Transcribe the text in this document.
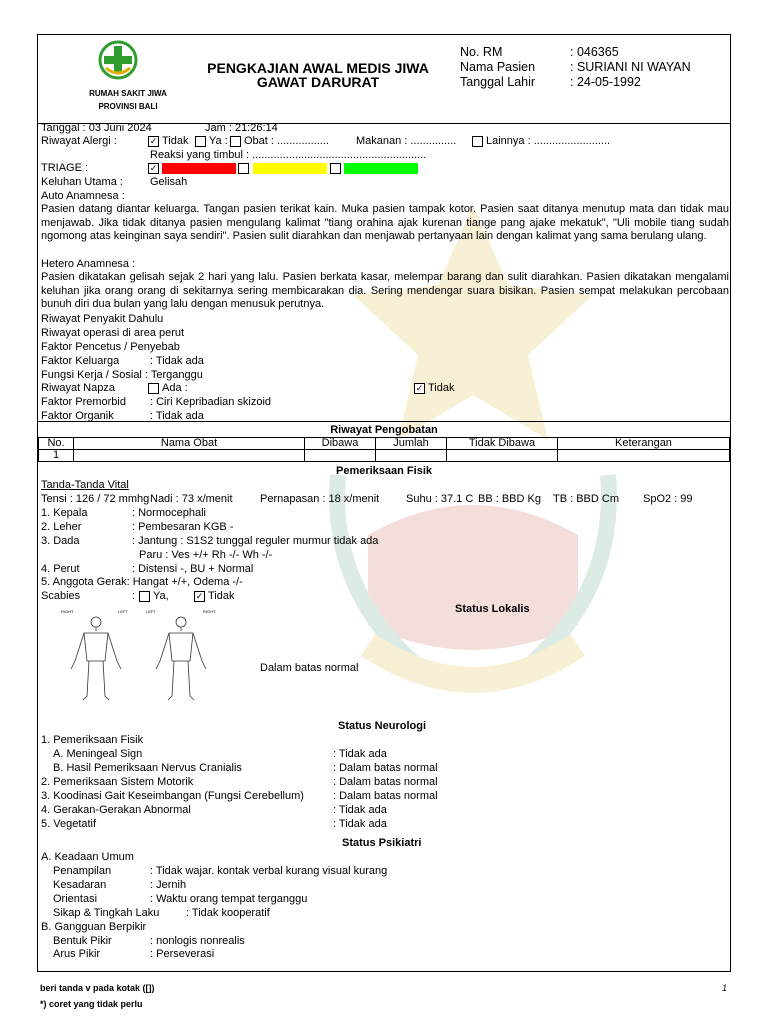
RUMAH SAKIT JIWA
PROVINSI BALI
PENGKAJIAN AWAL MEDIS JIWA
GAWAT DARURAT
No. RM	: 046365
Nama Pasien	: SURIANI NI WAYAN
Tanggal Lahir	: 24-05-1992
Tanggal : 03 Juni 2024	Jam : 21:26:14
Riwayat Alergi :	✓ Tidak Ya : Obat : ................. Makanan : ...............	Lainnya : .........................
Reaksi yang timbul : .........................................................
TRIAGE :	✓
Keluhan Utama : Gelisah
Auto Anamnesa :
Pasien datang diantar keluarga. Tangan pasien terikat kain. Muka pasien tampak kotor. Pasien saat ditanya menutup mata dan tidak mau menjawab. Jika tidak ditanya pasien mengulang kalimat "tiang orahina ajak kurenan tiange pang ajake mekatuk", "Uli mobile tiang sudah ngomong atas keinginan saya sendiri". Pasien sulit diarahkan dan menjawab pertanyaan lain dengan kalimat yang sama berulang ulang.
Hetero Anamnesa :
Pasien dikatakan gelisah sejak 2 hari yang lalu. Pasien berkata kasar, melempar barang dan sulit diarahkan. Pasien dikatakan mengalami keluhan jika orang orang di sekitarnya sering membicarakan dia. Sering mendengar suara bisikan. Pasien sempat melakukan percobaan bunuh diri dua bulan yang lalu dengan menusuk perutnya.
Riwayat Penyakit Dahulu
Riwayat operasi di area perut
Faktor Pencetus / Penyebab
Faktor Keluarga	: Tidak ada
Fungsi Kerja / Sosial : Terganggu
Riwayat Napza	Ada :	✓ Tidak
Faktor Premorbid : Ciri Kepribadian skizoid
Faktor Organik	: Tidak ada
Riwayat Pengobatan
No.	Nama Obat	Dibawa	Jumlah	Tidak Dibawa	Keterangan
1					
Pemeriksaan Fisik
Tanda-Tanda Vital
Tensi : 126 / 72 mmhg Nadi : 73 x/menit Pernapasan : 18 x/menit Suhu : 37.1 C BB : BBD Kg TB : BBD Cm SpO2 : 99
1. Kepala	: Normocephali
2. Leher	: Pembesaran KGB -
3. Dada	: Jantung : S1S2 tunggal reguler murmur tidak ada
Paru : Ves +/+ Rh -/- Wh -/-
4. Perut	: Distensi -, BU + Normal
5. Anggota Gerak: Hangat +/+, Odema -/-
Scabies	: Ya,	✓ Tidak
Status Lokalis
RIGHT	LEFT	LEFT	RIGHT
Dalam batas normal
Status Neurologi
1. Pemeriksaan Fisik
A. Meningeal Sign	: Tidak ada
B. Hasil Pemeriksaan Nervus Cranialis	: Dalam batas normal
2. Pemeriksaan Sistem Motorik	: Dalam batas normal
3. Koodinasi Gait Keseimbangan (Fungsi Cerebellum)	: Dalam batas normal
4. Gerakan-Gerakan Abnormal	: Tidak ada
5. Vegetatif	: Tidak ada
Status Psikiatri
A. Keadaan Umum
Penampilan	: Tidak wajar. kontak verbal kurang visual kurang
Kesadaran	: Jernih
Orientasi	: Waktu orang tempat terganggu
Sikap & Tingkah Laku : Tidak kooperatif
B. Gangguan Berpikir
Bentuk Pikir	: nonlogis nonrealis
Arus Pikir	: Perseverasi
beri tanda v pada kotak ([])
*) coret yang tidak perlu
1
